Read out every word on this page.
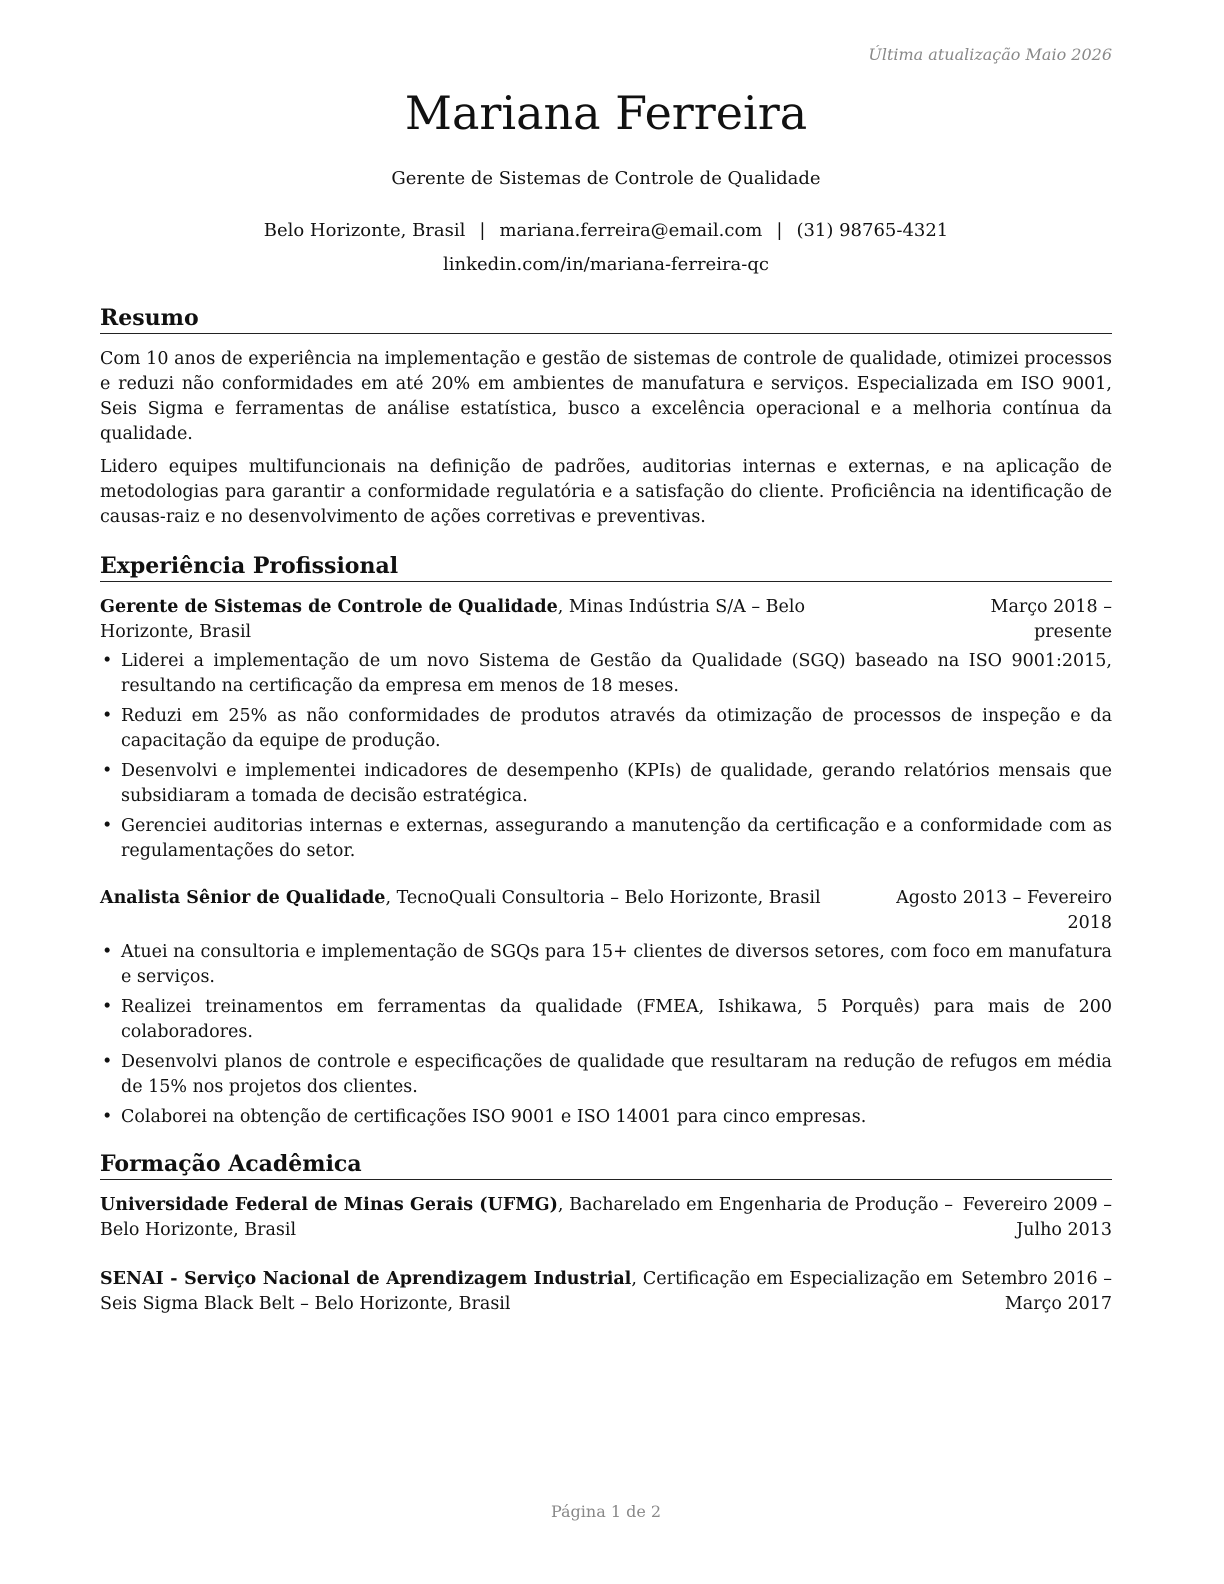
Última atualização Maio 2026
Mariana Ferreira
Gerente de Sistemas de Controle de Qualidade
Belo Horizonte, Brasil | mariana.ferreira@email.com | (31) 98765-4321
linkedin.com/in/mariana-ferreira-qc
Resumo

Com 10 anos de experiência na implementação e gestão de sistemas de controle de qualidade, otimizei processos e reduzi não conformidades em até 20% em ambientes de manufatura e serviços. Especializada em ISO 9001, Seis Sigma e ferramentas de análise estatística, busco a excelência operacional e a melhoria contínua da qualidade.

Lidero equipes multifuncionais na definição de padrões, auditorias internas e externas, e na aplicação de metodologias para garantir a conformidade regulatória e a satisfação do cliente. Proficiência na identificação de causas-raiz e no desenvolvimento de ações corretivas e preventivas.

Experiência Profissional
Gerente de Sistemas de Controle de Qualidade, Minas Indústria S/A – Belo Horizonte, Brasil
Março 2018 – presente
• Liderei a implementação de um novo Sistema de Gestão da Qualidade (SGQ) baseado na ISO 9001:2015, resultando na certificação da empresa em menos de 18 meses.
• Reduzi em 25% as não conformidades de produtos através da otimização de processos de inspeção e da capacitação da equipe de produção.
• Desenvolvi e implementei indicadores de desempenho (KPIs) de qualidade, gerando relatórios mensais que subsidiaram a tomada de decisão estratégica.
• Gerenciei auditorias internas e externas, assegurando a manutenção da certificação e a conformidade com as regulamentações do setor.
Analista Sênior de Qualidade, TecnoQuali Consultoria – Belo Horizonte, Brasil	Agosto 2013 – Fevereiro 2018
• Atuei na consultoria e implementação de SGQs para 15+ clientes de diversos setores, com foco em manufatura e serviços.
• Realizei treinamentos em ferramentas da qualidade (FMEA, Ishikawa, 5 Porquês) para mais de 200 colaboradores.
• Desenvolvi planos de controle e especificações de qualidade que resultaram na redução de refugos em média de 15% nos projetos dos clientes.
• Colaborei na obtenção de certificações ISO 9001 e ISO 14001 para cinco empresas.
Formação Acadêmica
Universidade Federal de Minas Gerais (UFMG), Bacharelado em Engenharia de Produção – Belo Horizonte, Brasil
Fevereiro 2009 – Julho 2013
SENAI - Serviço Nacional de Aprendizagem Industrial, Certificação em Especialização em Seis Sigma Black Belt – Belo Horizonte, Brasil
Setembro 2016 – Março 2017
Página 1 de 2
